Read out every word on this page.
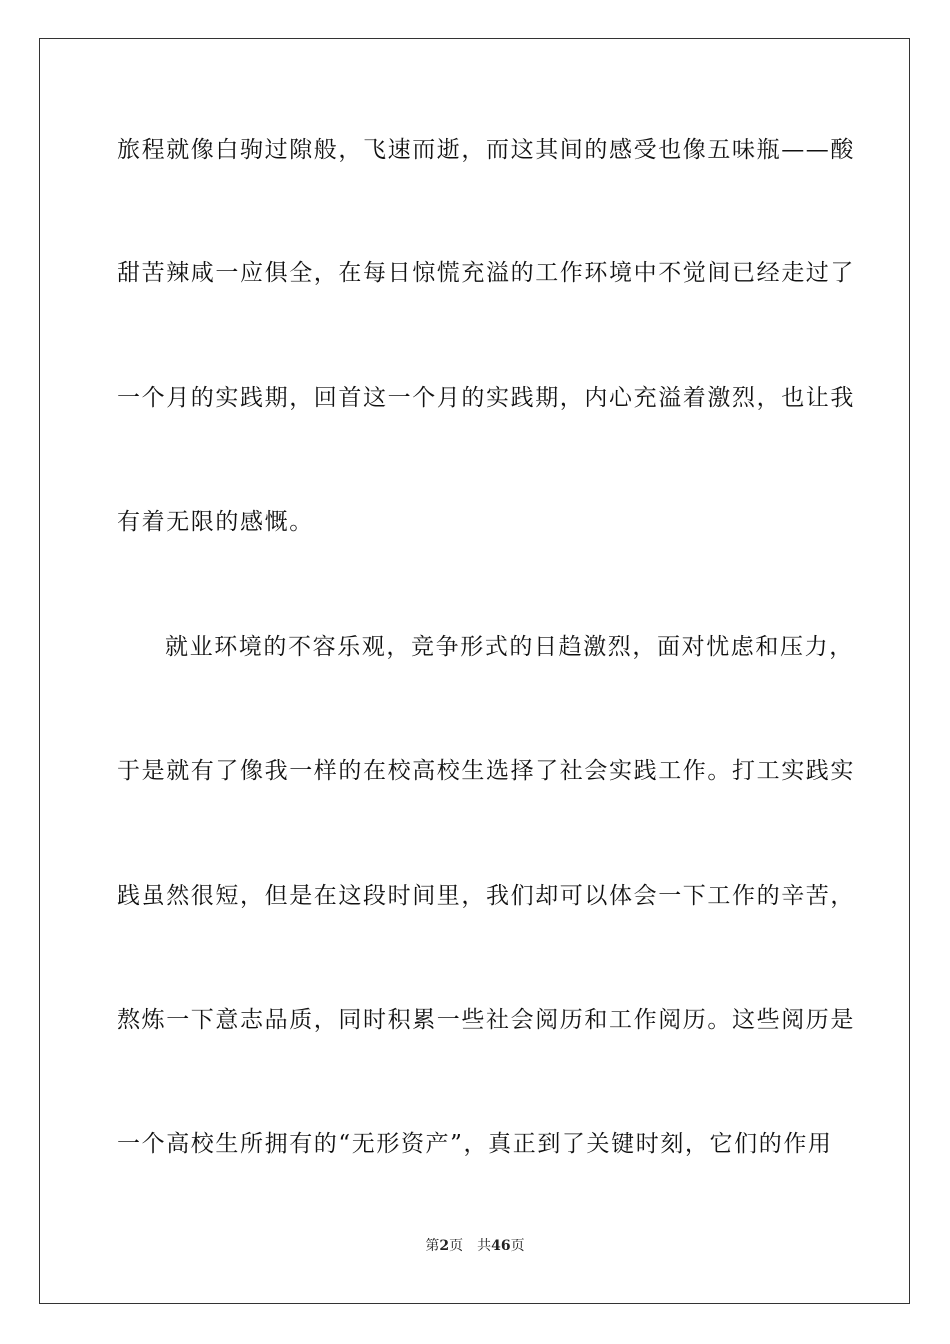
旅程就像白驹过隙般，飞速而逝，而这其间的感受也像五味瓶——酸
甜苦辣咸一应俱全，在每日惊慌充溢的工作环境中不觉间已经走过了
一个月的实践期，回首这一个月的实践期，内心充溢着激烈，也让我
有着无限的感慨。
就业环境的不容乐观，竞争形式的日趋激烈，面对忧虑和压力，
于是就有了像我一样的在校高校生选择了社会实践工作。打工实践实
践虽然很短，但是在这段时间里，我们却可以体会一下工作的辛苦，
熬炼一下意志品质，同时积累一些社会阅历和工作阅历。这些阅历是
一个高校生所拥有的“无形资产”，真正到了关键时刻，它们的作用
第2页 共46页
